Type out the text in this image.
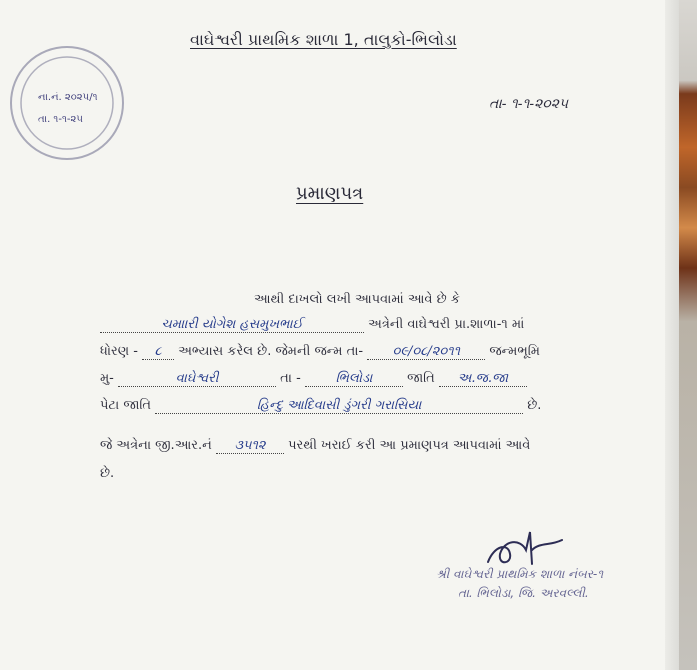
વાઘેશ્વરી પ્રાથમિક શાળા 1, તાલુકો-ભિલોડા
ના.નં. ૨૦૨૫/૧
તા. ૧-૧-૨૫
તા- ૧-૧-૨૦૨૫
પ્રમાણપત્ર
આથી દાખલો લખી આપવામાં આવે છે કે
ચમાારી યોગેશ હસમુખભાઈ	અત્રેની વાઘેશ્વરી પ્રા.શાળા-૧ માં
ધોરણ - ૮ અભ્યાસ કરેલ છે. જેમની જન્મ તા- ૦૯/૦૮/૨૦૧૧ જન્મભૂમિ
મુ-	વાઘેશ્વરી	તા -	ભિલોડા	જાતિ અ.જ.જા
પેટા જાતિ	હિન્દુ આદિવાસી ડુંગરી ગરાસિયા	છે.
જે અત્રેના જી.આર.નં ૩૫૧૨ પરથી ખરાઈ કરી આ પ્રમાણપત્ર આપવામાં આવે
છે.
શ્રી વાઘેશ્વરી પ્રાથમિક શાળા નંબર-૧
તા. ભિલોડા, જિ. અરવલ્લી.
